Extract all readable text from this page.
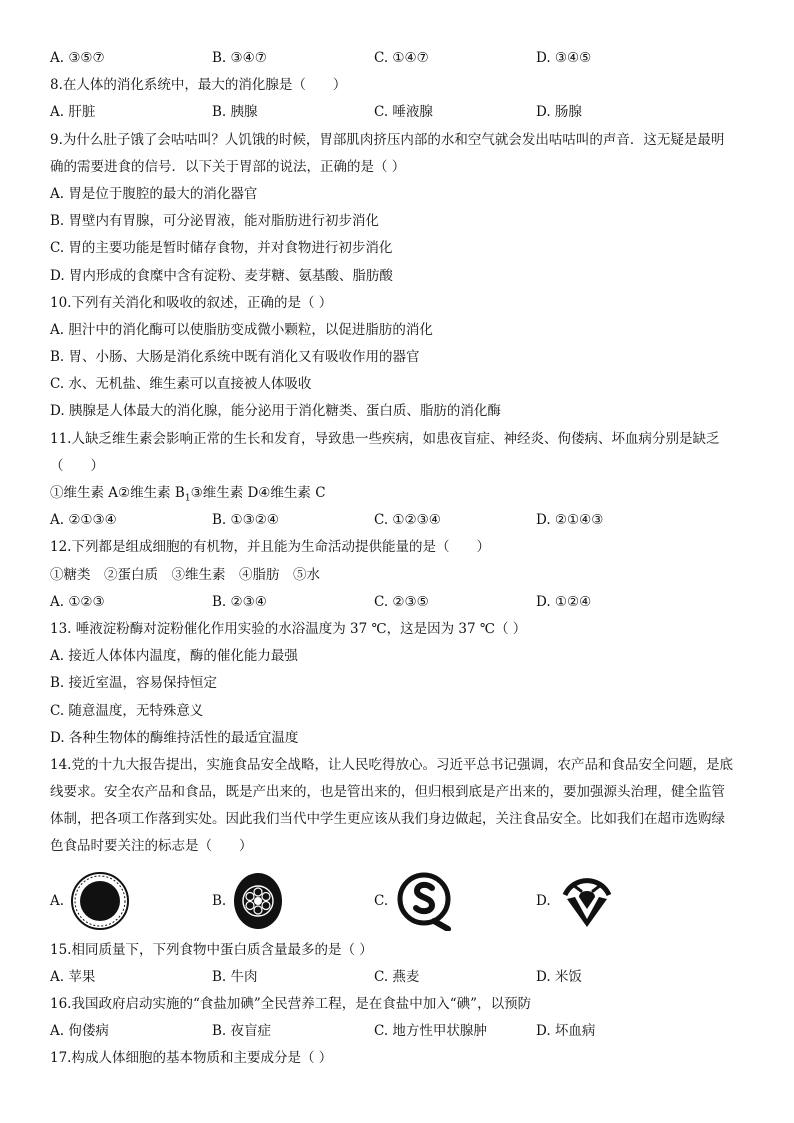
A. ③⑤⑦	B. ③④⑦	C. ①④⑦	D. ③④⑤
8.在人体的消化系统中，最大的消化腺是（　　）
A. 肝脏	B. 胰腺	C. 唾液腺	D. 肠腺
9.为什么肚子饿了会咕咕叫？人饥饿的时候，胃部肌肉挤压内部的水和空气就会发出咕咕叫的声音．这无疑是最明
确的需要进食的信号．以下关于胃部的说法，正确的是（ ）
A. 胃是位于腹腔的最大的消化器官
B. 胃壁内有胃腺，可分泌胃液，能对脂肪进行初步消化
C. 胃的主要功能是暂时储存食物，并对食物进行初步消化
D. 胃内形成的食糜中含有淀粉、麦芽糖、氨基酸、脂肪酸
10.下列有关消化和吸收的叙述，正确的是（ ）
A. 胆汁中的消化酶可以使脂肪变成微小颗粒，以促进脂肪的消化
B. 胃、小肠、大肠是消化系统中既有消化又有吸收作用的器官
C. 水、无机盐、维生素可以直接被人体吸收
D. 胰腺是人体最大的消化腺，能分泌用于消化糖类、蛋白质、脂肪的消化酶
11.人缺乏维生素会影响正常的生长和发育，导致患一些疾病，如患夜盲症、神经炎、佝偻病、坏血病分别是缺乏
（　　）
①维生素 A②维生素 $B_1③$维生素 D④维生素 C
A. ②①③④	B. ①③②④	C. ①②③④	D. ②①④③
12.下列都是组成细胞的有机物，并且能为生命活动提供能量的是（　　）
①糖类　②蛋白质　③维生素　④脂肪　⑤水
A. ①②③	B. ②③④	C. ②③⑤	D. ①②④
13. 唾液淀粉酶对淀粉催化作用实验的水浴温度为 37 ℃，这是因为 37 ℃（ ）
A. 接近人体体内温度，酶的催化能力最强
B. 接近室温，容易保持恒定
C. 随意温度，无特殊意义
D. 各种生物体的酶维持活性的最适宜温度
14.党的十九大报告提出，实施食品安全战略，让人民吃得放心。习近平总书记强调，农产品和食品安全问题，是底
线要求。安全农产品和食品，既是产出来的，也是管出来的，但归根到底是产出来的，要加强源头治理，健全监管
体制，把各项工作落到实处。因此我们当代中学生更应该从我们身边做起，关注食品安全。比如我们在超市选购绿
色食品时要关注的标志是（　　）
A.	B.	C.	D.
15.相同质量下，下列食物中蛋白质含量最多的是（ ）
A. 苹果	B. 牛肉	C. 燕麦	D. 米饭
16.我国政府启动实施的“食盐加碘”全民营养工程，是在食盐中加入“碘”，以预防
A. 佝偻病	B. 夜盲症	C. 地方性甲状腺肿	D. 坏血病
17.构成人体细胞的基本物质和主要成分是（ ）
